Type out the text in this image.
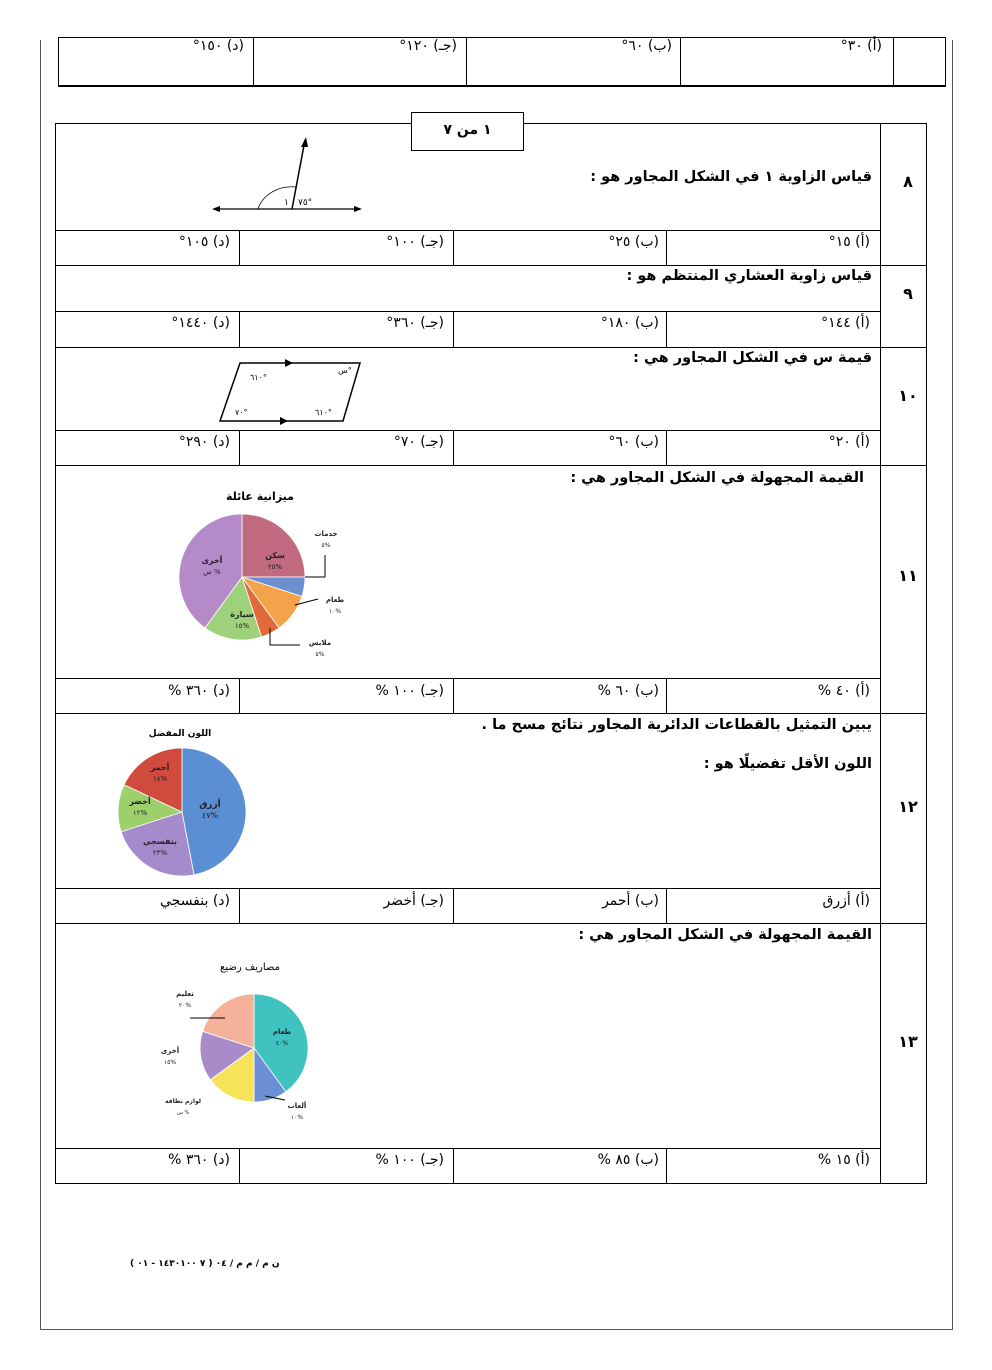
(أ) ٣٠°
(ب) ٦٠°
(جـ) ١٢٠°
(د) ١٥٠°
١ من ٧
٨
قياس الزاوية ١ في الشكل المجاور هو :
١ ٧٥°
(أ) ١٥°
(ب) ٢٥°
(جـ) ١٠٠°
(د) ١٠٥°
٩
قياس زاوية العشاري المنتظم هو :
(أ) ١٤٤°
(ب) ١٨٠°
(جـ) ٣٦٠°
(د) ١٤٤٠°
١٠
قيمة س في الشكل المجاور هي :
س°
٦١٠°
٧٠°	٦١٠°
(أ) ٢٠°
(ب) ٦٠°
(جـ) ٧٠°
(د) ٢٩٠°
١١
القيمة المجهولة في الشكل المجاور هي :
ميزانية عائلة
سكن
٢٥%
خدمات
٥%
طعام
١٠%
ملابس
٥%
سيارة
١٥%
أخرى
س %
(أ) ٤٠ %
(ب) ٦٠ %
(جـ) ١٠٠ %
(د) ٣٦٠ %
١٢
يبين التمثيل بالقطاعات الدائرية المجاور نتائج مسح ما .
اللون الأقل تفضيلًا هو :
اللون المفضل
أزرق
٤٧%
بنفسجي
٢٣%
أخضر
١٢%
أحمر
١٨%
(أ) أزرق
(ب) أحمر
(جـ) أخضر
(د) بنفسجي
١٣
القيمة المجهولة في الشكل المجاور هي :
مصاريف رضيع
طعام
٤٠%
ألعاب
١٠%
لوازم نظافة
س %
أخرى
١٥%
تعليم
٢٠%
(أ) ١٥ %
(ب) ٨٥ %
(جـ) ١٠٠ %
(د) ٣٦٠ %
ن م / م م / ٠٤ ( ٧ ١٤٣٠١٠٠ - ٠١ )
